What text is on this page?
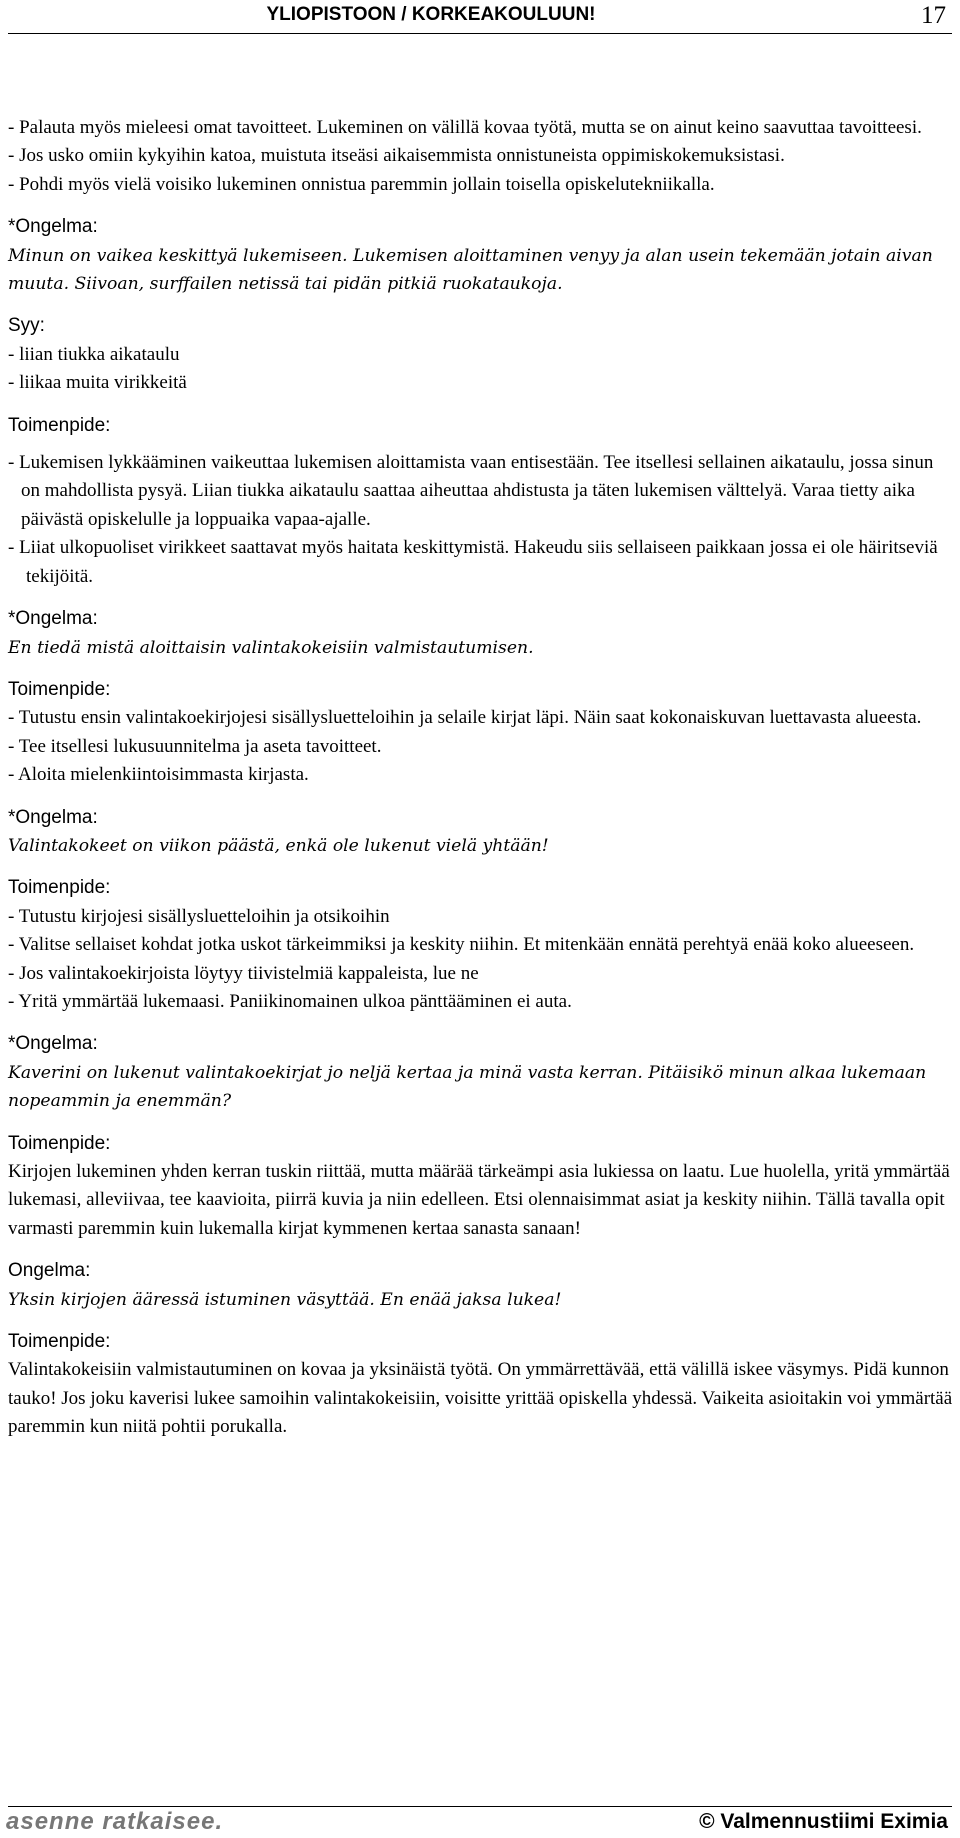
YLIOPISTOON / KORKEAKOULUUN!	17

- Palauta myös mieleesi omat tavoitteet. Lukeminen on välillä kovaa työtä, mutta se on ainut keino saavuttaa tavoitteesi.

- Jos usko omiin kykyihin katoa, muistuta itseäsi aikaisemmista onnistuneista oppimiskokemuksistasi.

- Pohdi myös vielä voisiko lukeminen onnistua paremmin jollain toisella opiskelutekniikalla.

*Ongelma:

Minun on vaikea keskittyä lukemiseen. Lukemisen aloittaminen venyy ja alan usein tekemään jotain aivan muuta. Siivoan, surffailen netissä tai pidän pitkiä ruokataukoja.

Syy:

- liian tiukka aikataulu

- liikaa muita virikkeitä

Toimenpide:

- Lukemisen lykkääminen vaikeuttaa lukemisen aloittamista vaan entisestään. Tee itsellesi sellainen aikataulu, jossa sinun on mahdollista pysyä. Liian tiukka aikataulu saattaa aiheuttaa ahdistusta ja täten lukemisen välttelyä. Varaa tietty aika päivästä opiskelulle ja loppuaika vapaa-ajalle.

- Liiat ulkopuoliset virikkeet saattavat myös haitata keskittymistä. Hakeudu siis sellaiseen paikkaan jossa ei ole häiritseviä tekijöitä.

*Ongelma:

En tiedä mistä aloittaisin valintakokeisiin valmistautumisen.

Toimenpide:

- Tutustu ensin valintakoekirjojesi sisällysluetteloihin ja selaile kirjat läpi. Näin saat kokonaiskuvan luettavasta alueesta.

- Tee itsellesi lukusuunnitelma ja aseta tavoitteet.

- Aloita mielenkiintoisimmasta kirjasta.

*Ongelma:

Valintakokeet on viikon päästä, enkä ole lukenut vielä yhtään!

Toimenpide:

- Tutustu kirjojesi sisällysluetteloihin ja otsikoihin

- Valitse sellaiset kohdat jotka uskot tärkeimmiksi ja keskity niihin. Et mitenkään ennätä perehtyä enää koko alueeseen.

- Jos valintakoekirjoista löytyy tiivistelmiä kappaleista, lue ne

- Yritä ymmärtää lukemaasi. Paniikinomainen ulkoa pänttääminen ei auta.

*Ongelma:

Kaverini on lukenut valintakoekirjat jo neljä kertaa ja minä vasta kerran. Pitäisikö minun alkaa lukemaan nopeammin ja enemmän?

Toimenpide:

Kirjojen lukeminen yhden kerran tuskin riittää, mutta määrää tärkeämpi asia lukiessa on laatu. Lue huolella, yritä ymmärtää lukemasi, alleviivaa, tee kaavioita, piirrä kuvia ja niin edelleen. Etsi olennaisimmat asiat ja keskity niihin. Tällä tavalla opit varmasti paremmin kuin lukemalla kirjat kymmenen kertaa sanasta sanaan!

Ongelma:

Yksin kirjojen ääressä istuminen väsyttää. En enää jaksa lukea!

Toimenpide:

Valintakokeisiin valmistautuminen on kovaa ja yksinäistä työtä. On ymmärrettävää, että välillä iskee väsymys. Pidä kunnon tauko! Jos joku kaverisi lukee samoihin valintakokeisiin, voisitte yrittää opiskella yhdessä. Vaikeita asioitakin voi ymmärtää paremmin kun niitä pohtii porukalla.

asenne ratkaisee.	© Valmennustiimi Eximia
